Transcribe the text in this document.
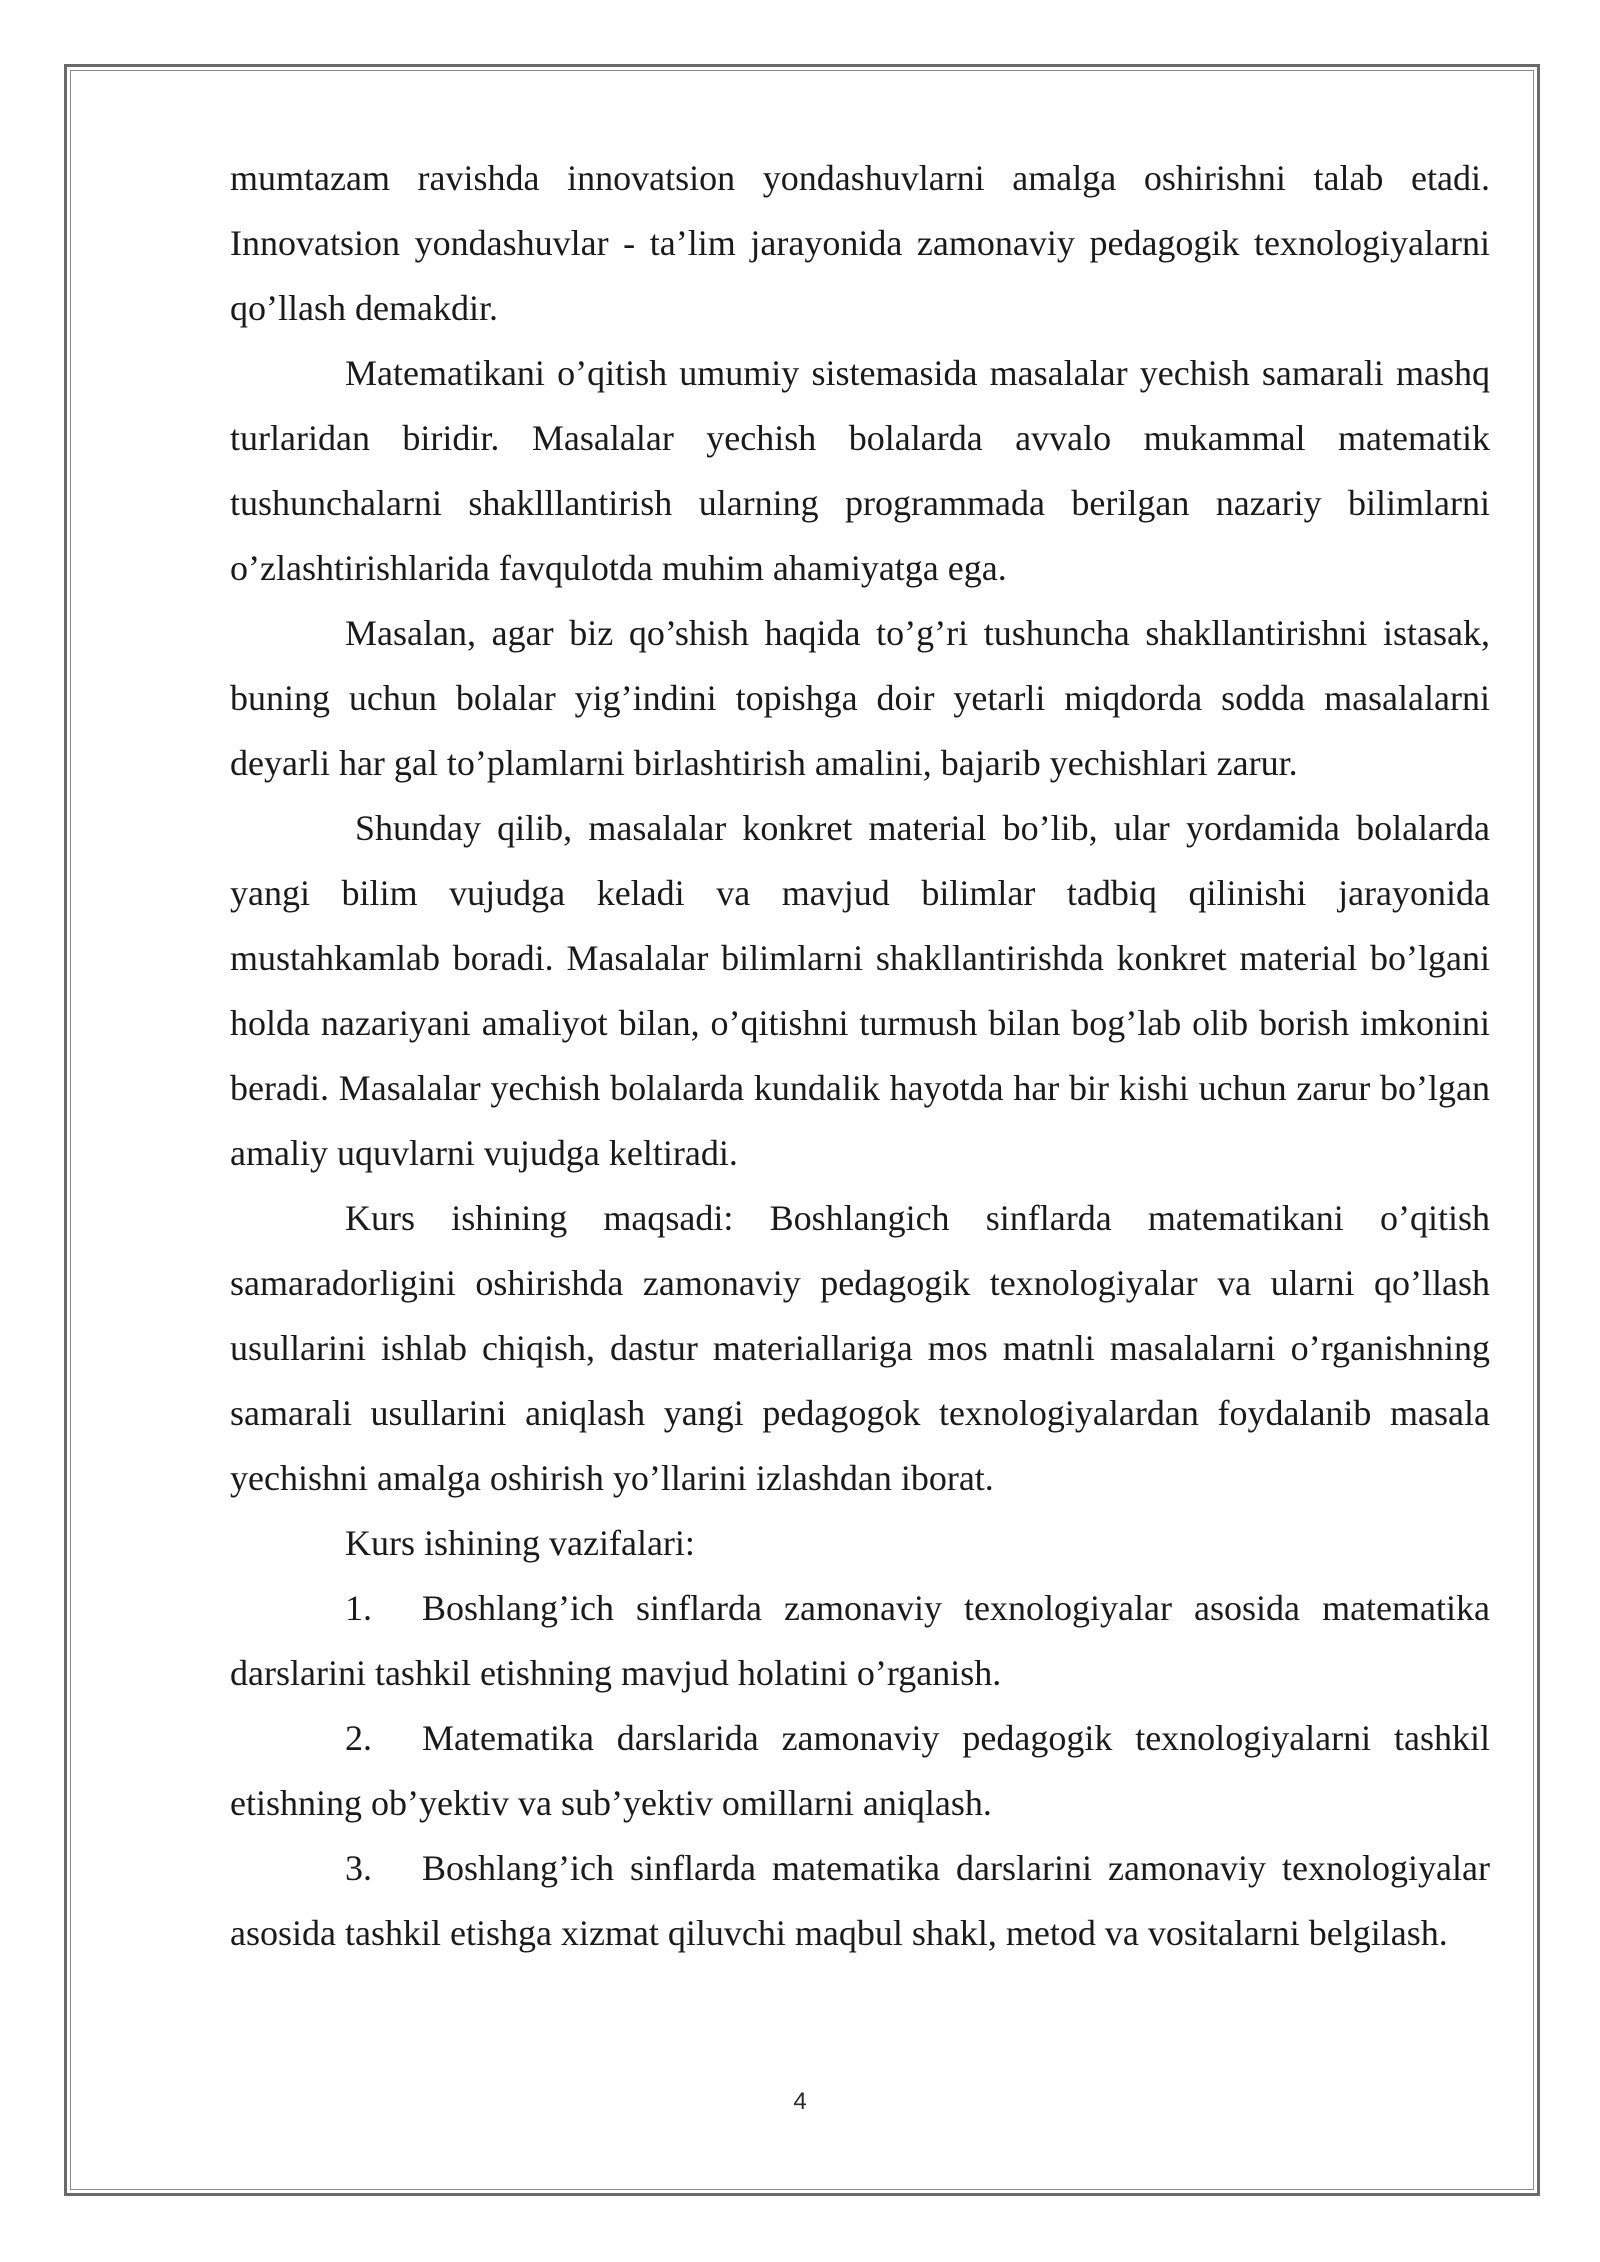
mumtazam ravishda innovatsion yondashuvlarni amalga oshirishni talab etadi. Innovatsion yondashuvlar - ta’lim jarayonida zamonaviy pedagogik texnologiyalarni qo’llash demakdir.

Matematikani o’qitish umumiy sistemasida masalalar yechish samarali mashq turlaridan biridir. Masalalar yechish bolalarda avvalo mukammal matematik tushunchalarni shaklllantirish ularning programmada berilgan nazariy bilimlarni o’zlashtirishlarida favqulotda muhim ahamiyatga ega.

Masalan, agar biz qo’shish haqida to’g’ri tushuncha shakllantirishni istasak, buning uchun bolalar yig’indini topishga doir yetarli miqdorda sodda masalalarni deyarli har gal to’plamlarni birlashtirish amalini, bajarib yechishlari zarur.

Shunday qilib, masalalar konkret material bo’lib, ular yordamida bolalarda yangi bilim vujudga keladi va mavjud bilimlar tadbiq qilinishi jarayonida mustahkamlab boradi. Masalalar bilimlarni shakllantirishda konkret material bo’lgani holda nazariyani amaliyot bilan, o’qitishni turmush bilan bog’lab olib borish imkonini beradi. Masalalar yechish bolalarda kundalik hayotda har bir kishi uchun zarur bo’lgan amaliy uquvlarni vujudga keltiradi.

Kurs ishining maqsadi: Boshlangich sinflarda matematikani o’qitish samaradorligini oshirishda zamonaviy pedagogik texnologiyalar va ularni qo’llash usullarini ishlab chiqish, dastur materiallariga mos matnli masalalarni o’rganishning samarali usullarini aniqlash yangi pedagogok texnologiyalardan foydalanib masala yechishni amalga oshirish yo’llarini izlashdan iborat.

Kurs ishining vazifalari:

1. Boshlang’ich sinflarda zamonaviy texnologiyalar asosida matematika darslarini tashkil etishning mavjud holatini o’rganish.

2. Matematika darslarida zamonaviy pedagogik texnologiyalarni tashkil etishning ob’yektiv va sub’yektiv omillarni aniqlash.

3. Boshlang’ich sinflarda matematika darslarini zamonaviy texnologiyalar asosida tashkil etishga xizmat qiluvchi maqbul shakl, metod va vositalarni belgilash.

4
